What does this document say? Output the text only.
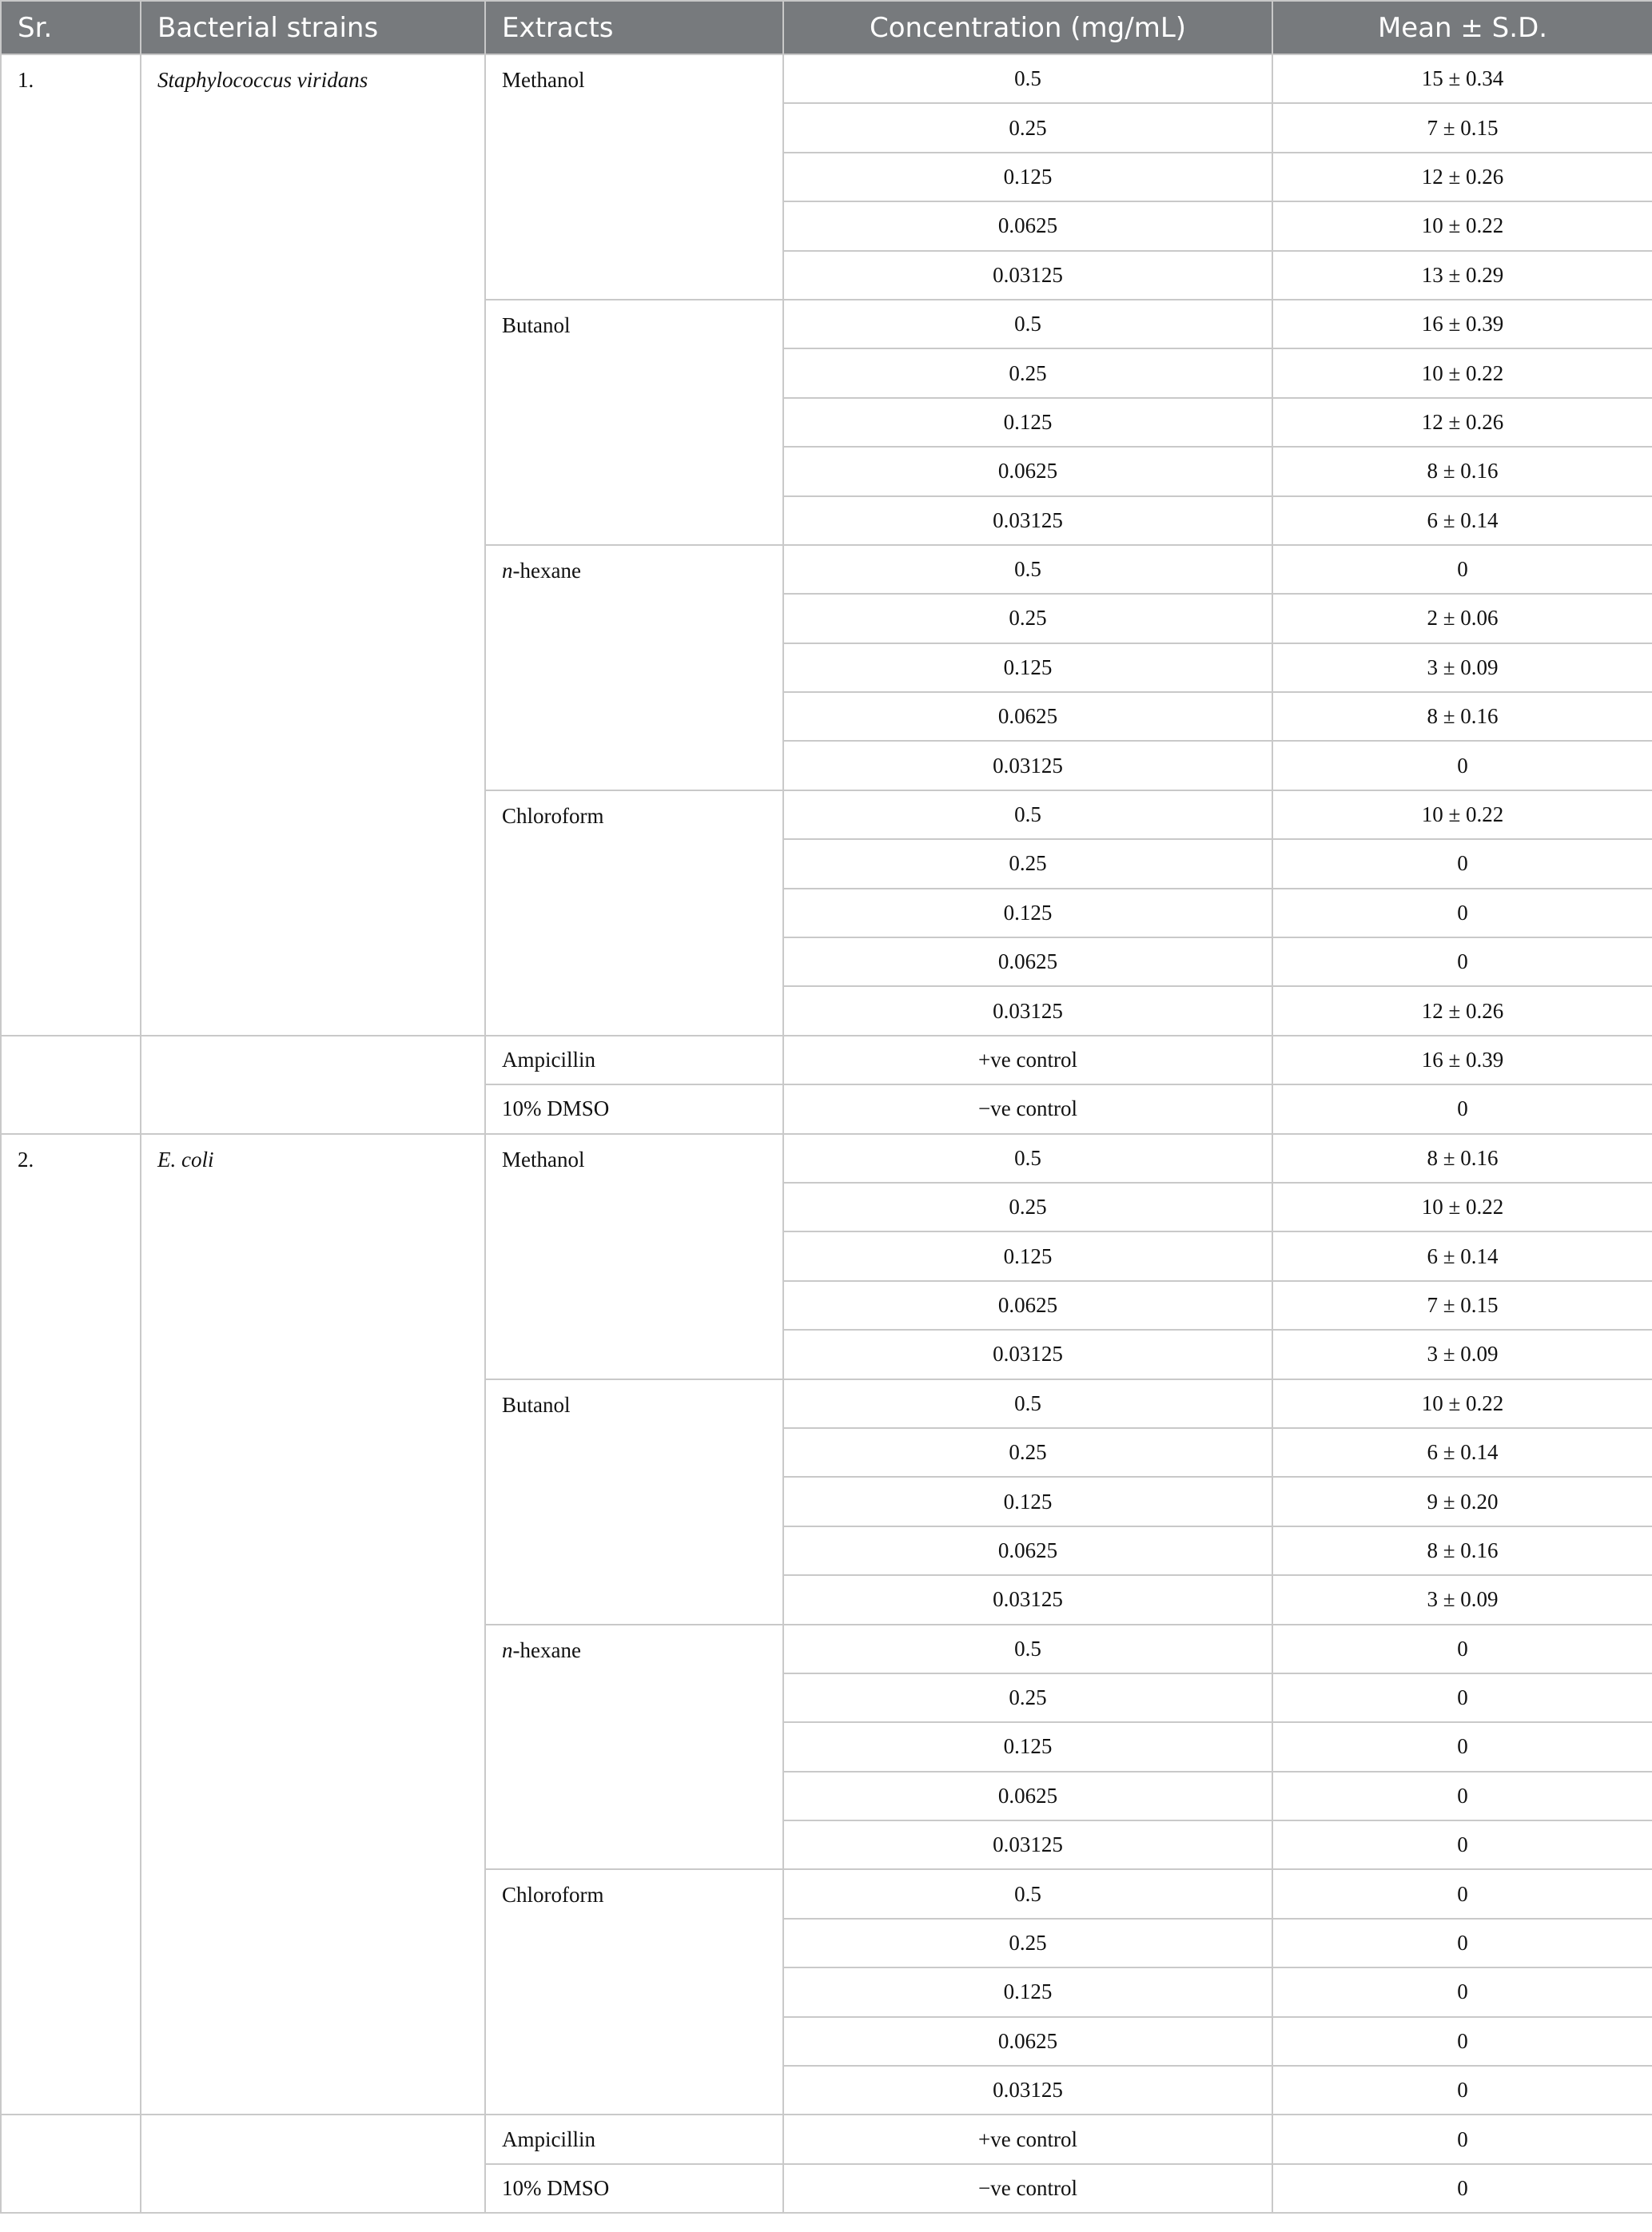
Sr.	Bacterial strains	Extracts	Concentration (mg/mL)	Mean ± S.D.
1.	Staphylococcus viridans	Methanol	0.5	15 ± 0.34
			0.25	7 ± 0.15
			0.125	12 ± 0.26
			0.0625	10 ± 0.22
			0.03125	13 ± 0.29
		Butanol	0.5	16 ± 0.39
			0.25	10 ± 0.22
			0.125	12 ± 0.26
			0.0625	8 ± 0.16
			0.03125	6 ± 0.14
		n-hexane	0.5	0
			0.25	2 ± 0.06
			0.125	3 ± 0.09
			0.0625	8 ± 0.16
			0.03125	0
		Chloroform	0.5	10 ± 0.22
			0.25	0
			0.125	0
			0.0625	0
			0.03125	12 ± 0.26
		Ampicillin	+ve control	16 ± 0.39
		10% DMSO	−ve control	0
2.	E. coli	Methanol	0.5	8 ± 0.16
			0.25	10 ± 0.22
			0.125	6 ± 0.14
			0.0625	7 ± 0.15
			0.03125	3 ± 0.09
		Butanol	0.5	10 ± 0.22
			0.25	6 ± 0.14
			0.125	9 ± 0.20
			0.0625	8 ± 0.16
			0.03125	3 ± 0.09
		n-hexane	0.5	0
			0.25	0
			0.125	0
			0.0625	0
			0.03125	0
		Chloroform	0.5	0
			0.25	0
			0.125	0
			0.0625	0
			0.03125	0
		Ampicillin	+ve control	0
		10% DMSO	−ve control	0
